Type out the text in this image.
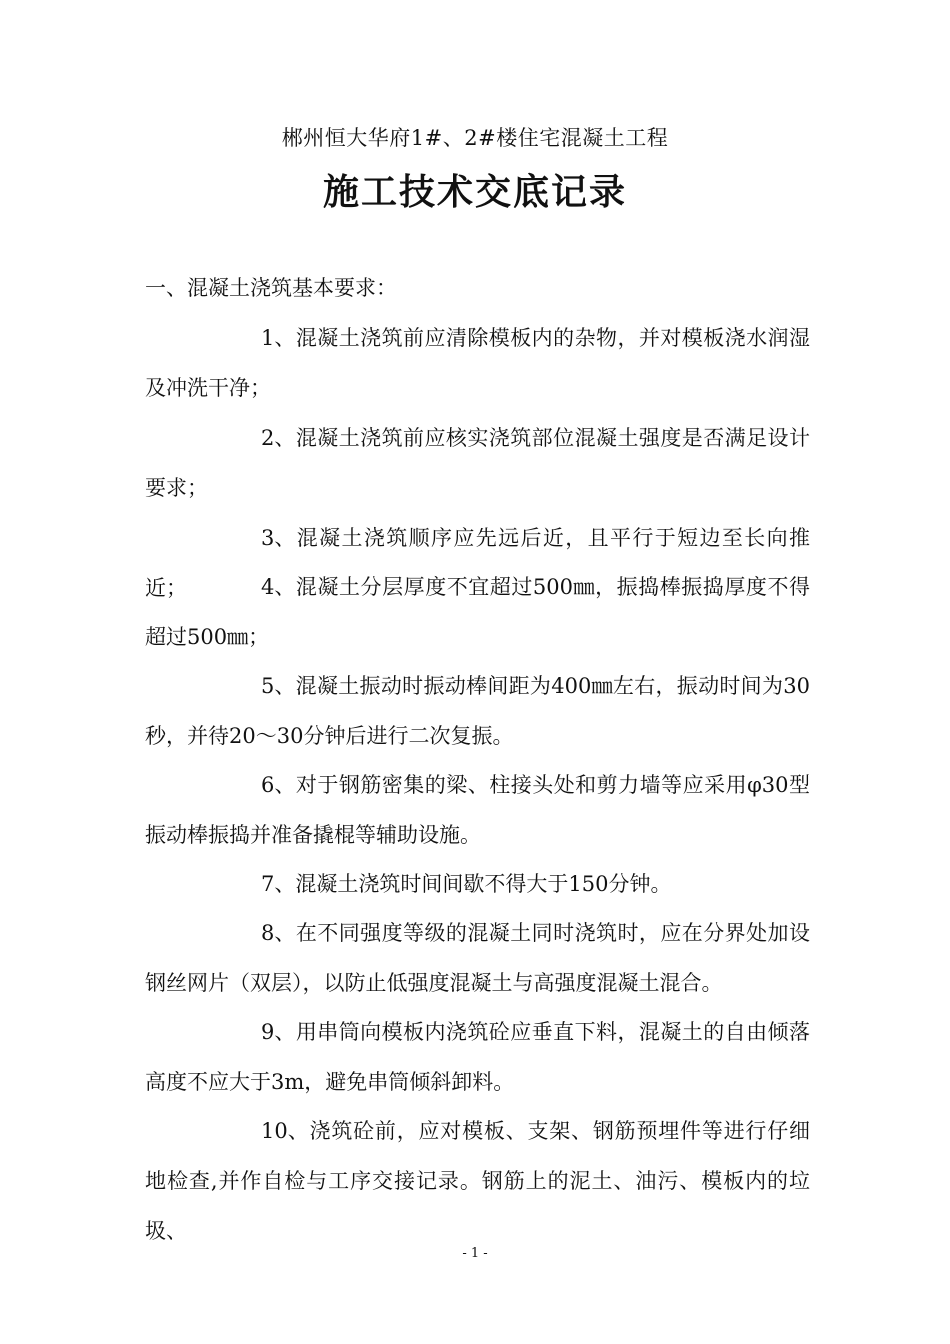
郴州恒大华府1#、2#楼住宅混凝土工程
施工技术交底记录
一、混凝土浇筑基本要求：
1、混凝土浇筑前应清除模板内的杂物，并对模板浇水润湿及冲洗干净；
2、混凝土浇筑前应核实浇筑部位混凝土强度是否满足设计要求；
3、混凝土浇筑顺序应先远后近，且平行于短边至长向推近；	4、混凝土分层厚度不宜超过500㎜，振捣棒振捣厚度不得超过500㎜；
5、混凝土振动时振动棒间距为400㎜左右，振动时间为30秒，并待20～30分钟后进行二次复振。
6、对于钢筋密集的梁、柱接头处和剪力墙等应采用φ30型振动棒振捣并准备撬棍等辅助设施。
7、混凝土浇筑时间间歇不得大于150分钟。
8、在不同强度等级的混凝土同时浇筑时，应在分界处加设钢丝网片（双层），以防止低强度混凝土与高强度混凝土混合。
9、用串筒向模板内浇筑砼应垂直下料，混凝土的自由倾落高度不应大于3m，避免串筒倾斜卸料。
10、浇筑砼前，应对模板、支架、钢筋预埋件等进行仔细地检查,并作自检与工序交接记录。钢筋上的泥土、油污、模板内的垃圾、
- 1 -
